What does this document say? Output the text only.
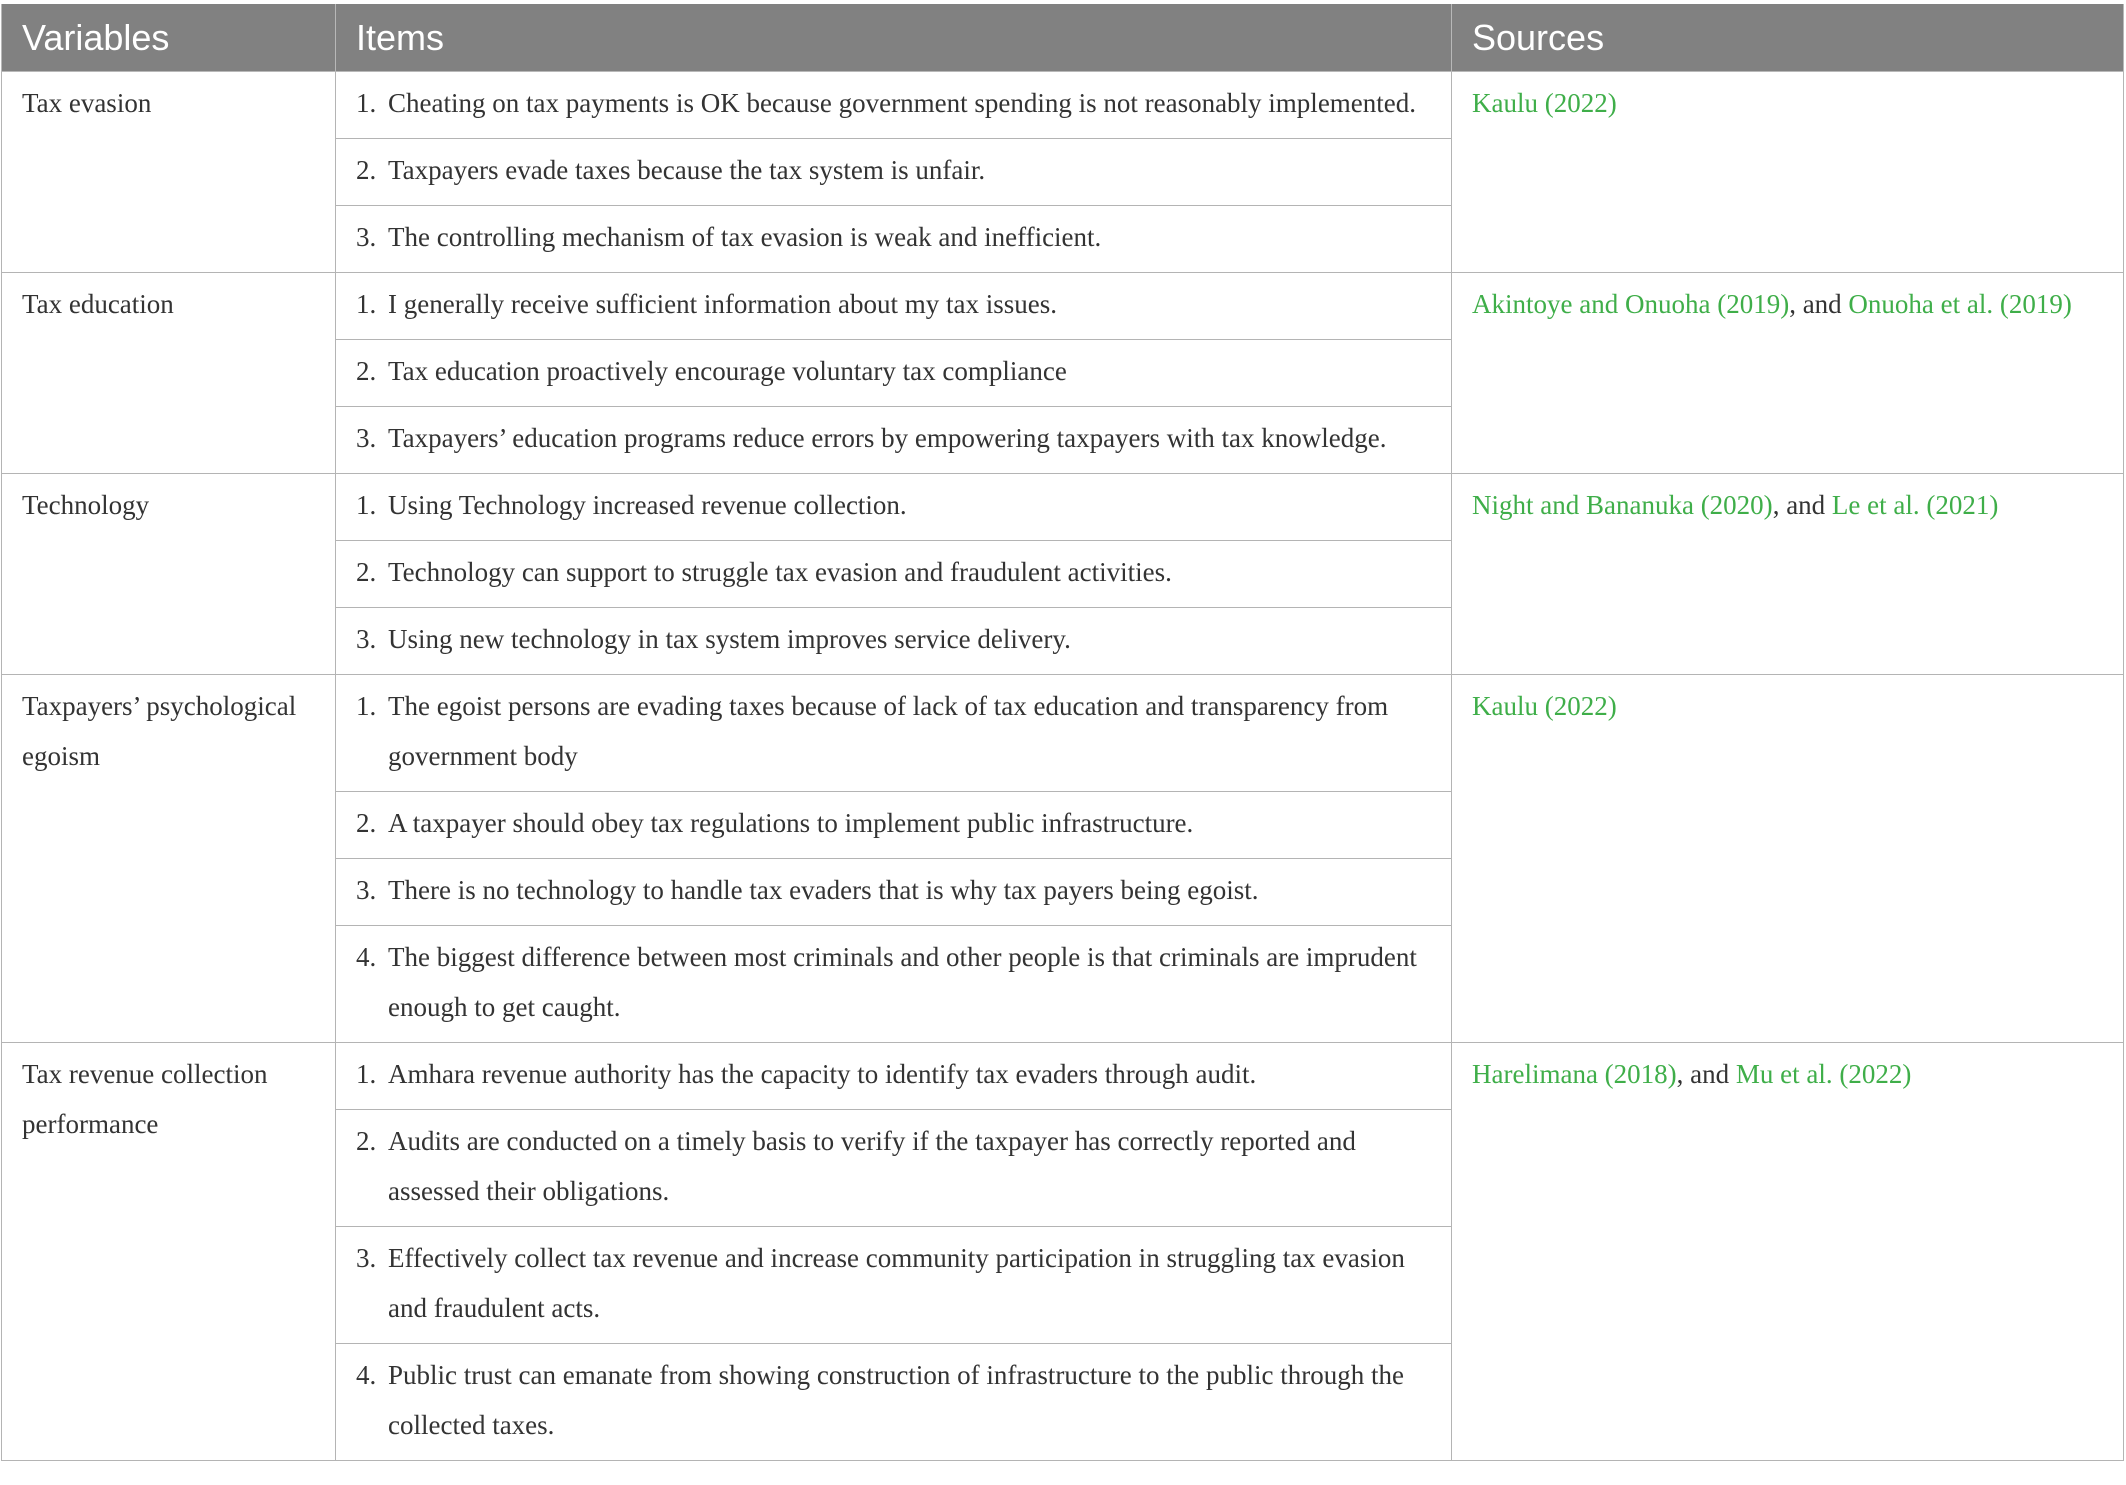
Variables	Items	Sources
Tax evasion	1. Cheating on tax payments is OK because government spending is not reasonably implemented.	Kaulu (2022)

	2. Taxpayers evade taxes because the tax system is unfair.	

	3. The controlling mechanism of tax evasion is weak and inefficient.	

Tax education	1. I generally receive sufficient information about my tax issues.	Akintoye and Onuoha (2019), and Onuoha et al. (2019)

	2. Tax education proactively encourage voluntary tax compliance	

	3. Taxpayers’ education programs reduce errors by empowering taxpayers with tax knowledge.	

Technology	1. Using Technology increased revenue collection.	Night and Bananuka (2020), and Le et al. (2021)

	2. Technology can support to struggle tax evasion and fraudulent activities.	

	3. Using new technology in tax system improves service delivery.	

Taxpayers’ psychological egoism	1. The egoist persons are evading taxes because of lack of tax education and transparency from government body	Kaulu (2022)

	2. A taxpayer should obey tax regulations to implement public infrastructure.	

	3. There is no technology to handle tax evaders that is why tax payers being egoist.	

	4. The biggest difference between most criminals and other people is that criminals are imprudent enough to get caught.	

Tax revenue collection performance	1. Amhara revenue authority has the capacity to identify tax evaders through audit.	Harelimana (2018), and Mu et al. (2022)

	2. Audits are conducted on a timely basis to verify if the taxpayer has correctly reported and assessed their obligations.	

	3. Effectively collect tax revenue and increase community participation in struggling tax evasion and fraudulent acts.	

	4. Public trust can emanate from showing construction of infrastructure to the public through the collected taxes.	
